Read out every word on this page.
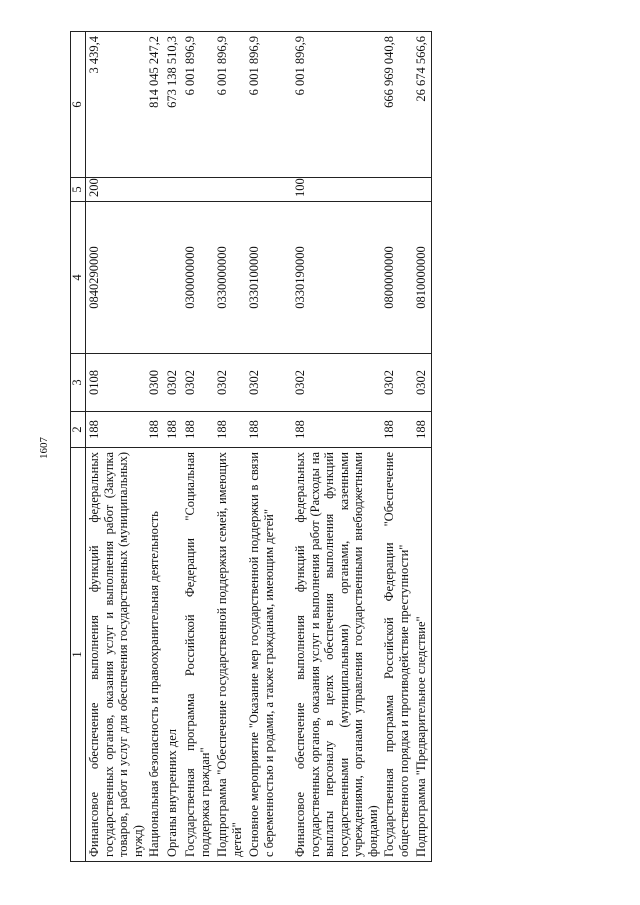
1607
1	2	3	4	5	6
Финансовое обеспечение выполнения функций федеральных государственных органов, оказания услуг и выполнения работ (Закупка товаров, работ и услуг для обеспечения государственных (муниципальных) нужд)	188	0108	0840290000	200	3 439,4
Национальная безопасность и правоохранительная деятельность	188	0300			814 045 247,2
Органы внутренних дел	188	0302			673 138 510,3
Государственная программа Российской Федерации "Социальная поддержка граждан"	188	0302	0300000000		6 001 896,9
Подпрограмма "Обеспечение государственной поддержки семей, имеющих детей"	188	0302	0330000000		6 001 896,9
Основное мероприятие "Оказание мер государственной поддержки в связи с беременностью и родами, а также гражданам, имеющим детей"	188	0302	0330100000		6 001 896,9
Финансовое обеспечение выполнения функций федеральных государственных органов, оказания услуг и выполнения работ (Расходы на выплаты персоналу в целях обеспечения выполнения функций государственными (муниципальными) органами, казенными учреждениями, органами управления государственными внебюджетными фондами)	188	0302	0330190000	100	6 001 896,9
Государственная программа Российской Федерации "Обеспечение общественного порядка и противодействие преступности"	188	0302	0800000000		666 969 040,8
Подпрограмма "Предварительное следствие"	188	0302	0810000000		26 674 566,6
